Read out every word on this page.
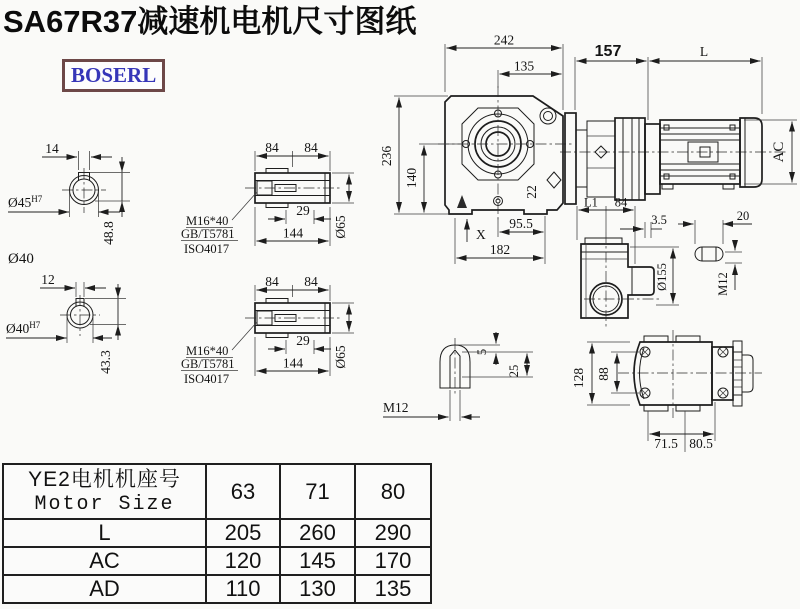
SA67R37减速机电机尺寸图纸
BOSERL
14
48.8
$Ø45^{H7}$
Ø40
12
43.3
$Ø40^{H7}$
84 84
29
144 Ø65
M16*40
GB/T5781
ISO4017
84 84
29
144 Ø65
M16*40
GB/T5781
ISO4017
22
242
135
236
140
95.5
182
X
157	L
AC
L1 84
3.5
Ø155
20
M12
5
25
M12
128 88
71.5 80.5
YE2电机机座号
Motor Size	63	71	80
L	205	260	290
AC	120	145	170
AD	110	130	135
